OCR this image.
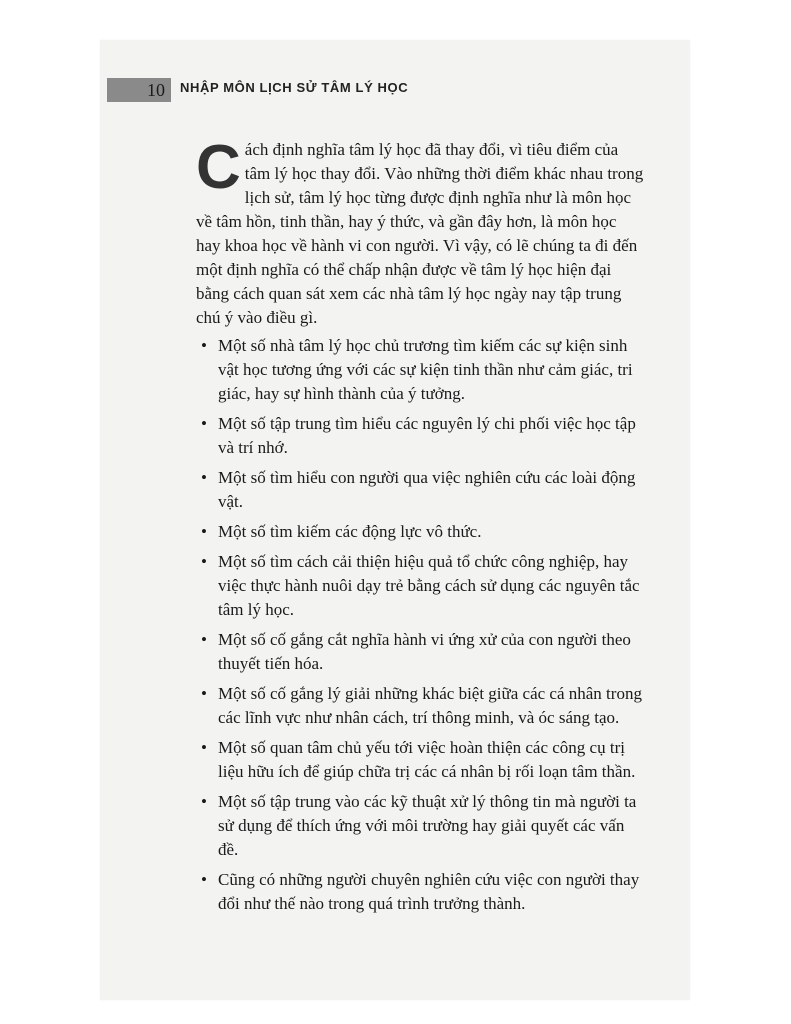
10	NHẬP MÔN LỊCH SỬ TÂM LÝ HỌC

Cách định nghĩa tâm lý học đã thay đổi, vì tiêu điểm của tâm lý học thay đổi. Vào những thời điểm khác nhau trong lịch sử, tâm lý học từng được định nghĩa như là môn học về tâm hồn, tinh thần, hay ý thức, và gần đây hơn, là môn học hay khoa học về hành vi con người. Vì vậy, có lẽ chúng ta đi đến một định nghĩa có thể chấp nhận được về tâm lý học hiện đại bằng cách quan sát xem các nhà tâm lý học ngày nay tập trung chú ý vào điều gì.

• Một số nhà tâm lý học chủ trương tìm kiếm các sự kiện sinh vật học tương ứng với các sự kiện tinh thần như cảm giác, tri giác, hay sự hình thành của ý tưởng.
• Một số tập trung tìm hiểu các nguyên lý chi phối việc học tập và trí nhớ.
• Một số tìm hiểu con người qua việc nghiên cứu các loài động vật.
• Một số tìm kiếm các động lực vô thức.
• Một số tìm cách cải thiện hiệu quả tổ chức công nghiệp, hay việc thực hành nuôi dạy trẻ bằng cách sử dụng các nguyên tắc tâm lý học.
• Một số cố gắng cắt nghĩa hành vi ứng xử của con người theo thuyết tiến hóa.
• Một số cố gắng lý giải những khác biệt giữa các cá nhân trong các lĩnh vực như nhân cách, trí thông minh, và óc sáng tạo.
• Một số quan tâm chủ yếu tới việc hoàn thiện các công cụ trị liệu hữu ích để giúp chữa trị các cá nhân bị rối loạn tâm thần.
• Một số tập trung vào các kỹ thuật xử lý thông tin mà người ta sử dụng để thích ứng với môi trường hay giải quyết các vấn đề.
• Cũng có những người chuyên nghiên cứu việc con người thay đổi như thế nào trong quá trình trưởng thành.
